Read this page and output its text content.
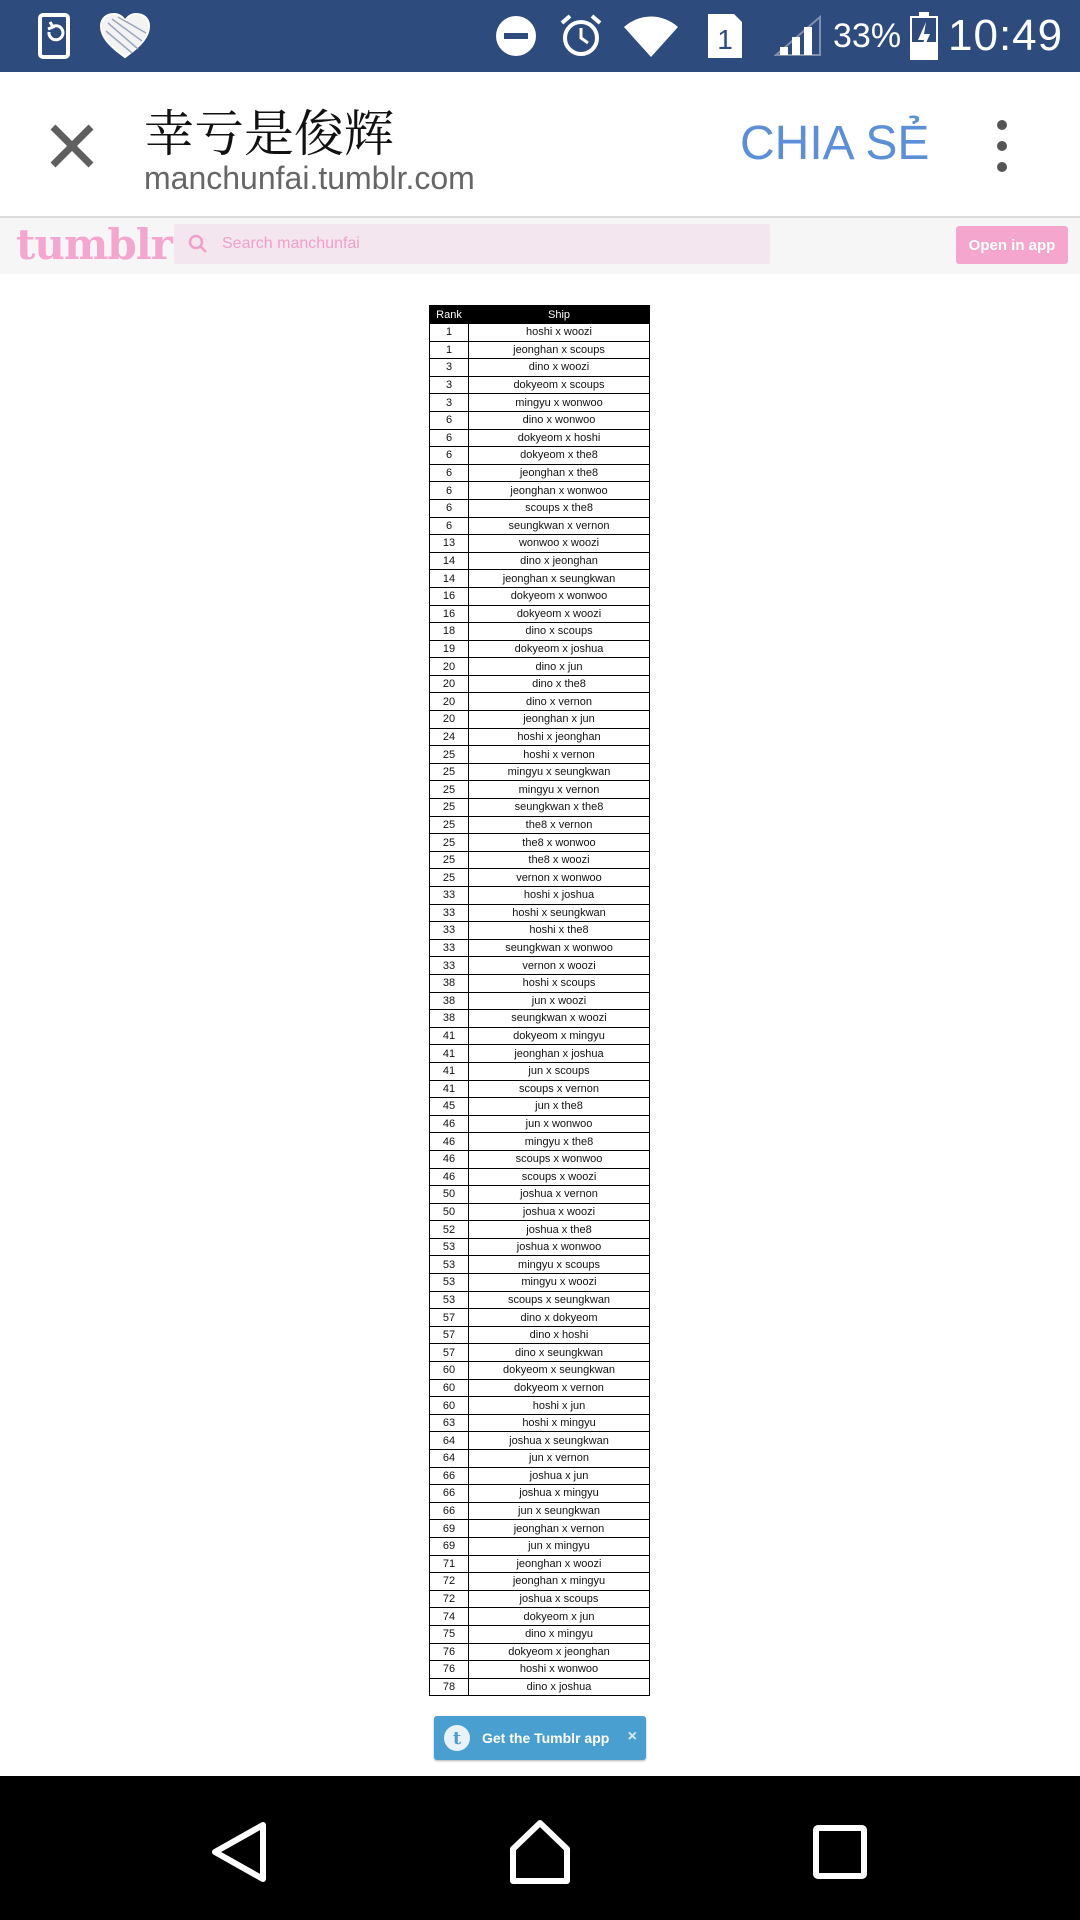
1	33% 10:49
幸亏是俊辉
manchunfai.tumblr.com
CHIA SẺ
tumblr
Search manchunfai	Open in app
Rank	Ship
1	hoshi x woozi
1	jeonghan x scoups
3	dino x woozi
3	dokyeom x scoups
3	mingyu x wonwoo
6	dino x wonwoo
6	dokyeom x hoshi
6	dokyeom x the8
6	jeonghan x the8
6	jeonghan x wonwoo
6	scoups x the8
6	seungkwan x vernon
13	wonwoo x woozi
14	dino x jeonghan
14	jeonghan x seungkwan
16	dokyeom x wonwoo
16	dokyeom x woozi
18	dino x scoups
19	dokyeom x joshua
20	dino x jun
20	dino x the8
20	dino x vernon
20	jeonghan x jun
24	hoshi x jeonghan
25	hoshi x vernon
25	mingyu x seungkwan
25	mingyu x vernon
25	seungkwan x the8
25	the8 x vernon
25	the8 x wonwoo
25	the8 x woozi
25	vernon x wonwoo
33	hoshi x joshua
33	hoshi x seungkwan
33	hoshi x the8
33	seungkwan x wonwoo
33	vernon x woozi
38	hoshi x scoups
38	jun x woozi
38	seungkwan x woozi
41	dokyeom x mingyu
41	jeonghan x joshua
41	jun x scoups
41	scoups x vernon
45	jun x the8
46	jun x wonwoo
46	mingyu x the8
46	scoups x wonwoo
46	scoups x woozi
50	joshua x vernon
50	joshua x woozi
52	joshua x the8
53	joshua x wonwoo
53	mingyu x scoups
53	mingyu x woozi
53	scoups x seungkwan
57	dino x dokyeom
57	dino x hoshi
57	dino x seungkwan
60	dokyeom x seungkwan
60	dokyeom x vernon
60	hoshi x jun
63	hoshi x mingyu
64	joshua x seungkwan
64	jun x vernon
66	joshua x jun
66	joshua x mingyu
66	jun x seungkwan
69	jeonghan x vernon
69	jun x mingyu
71	jeonghan x woozi
72	jeonghan x mingyu
72	joshua x scoups
74	dokyeom x jun
75	dino x mingyu
76	dokyeom x jeonghan
76	hoshi x wonwoo
78	dino x joshua
t	Get the Tumblr app ×
